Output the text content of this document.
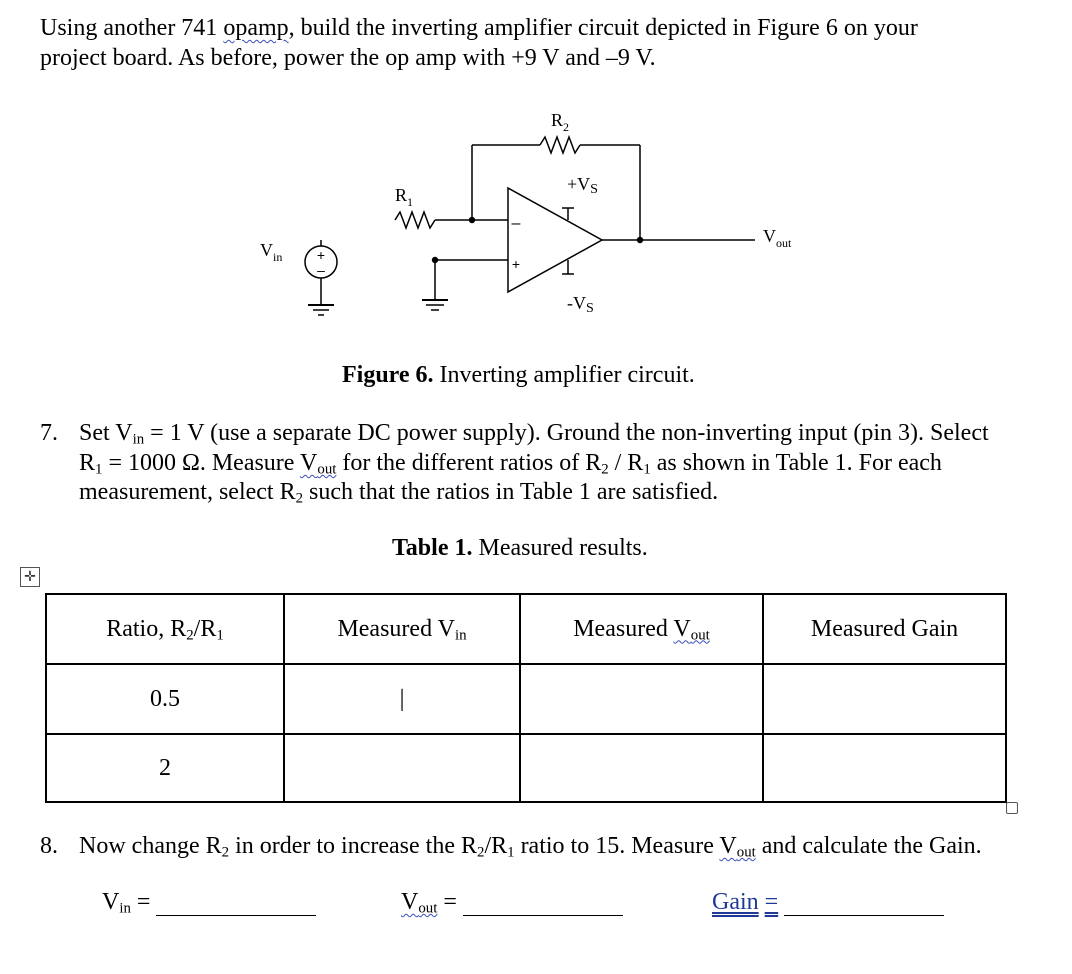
Using another 741 opamp, build the inverting amplifier circuit depicted in Figure 6 on your
project board. As before, power the op amp with +9 V and –9 V.
+
–
–
+
$R_2$
$R_1$
+VS
-VS
$V_{in}$
$V_{out}$
Figure 6. Inverting amplifier circuit.
7. Set $V_{in} = 1$ V (use a separate DC power supply). Ground the non-inverting input (pin 3). Select
$R_1 = 1000$ Ω. Measure $V_{out}$ for the different ratios of $R_2 / R_1$ as shown in Table 1. For each
measurement, select $R_2$ such that the ratios in Table 1 are satisfied.
Table 1. Measured results.
✛
Ratio, $R_2/R_1$	Measured $V_{in}$	Measured $V_{out}$	Measured Gain
0.5	|		
2			
8. Now change $R_2$ in order to increase the $R_2/R_1$ ratio to 15. Measure $V_{out}$ and calculate the Gain.
$V_{in}$ =	$V_{out}$ =	Gain =
